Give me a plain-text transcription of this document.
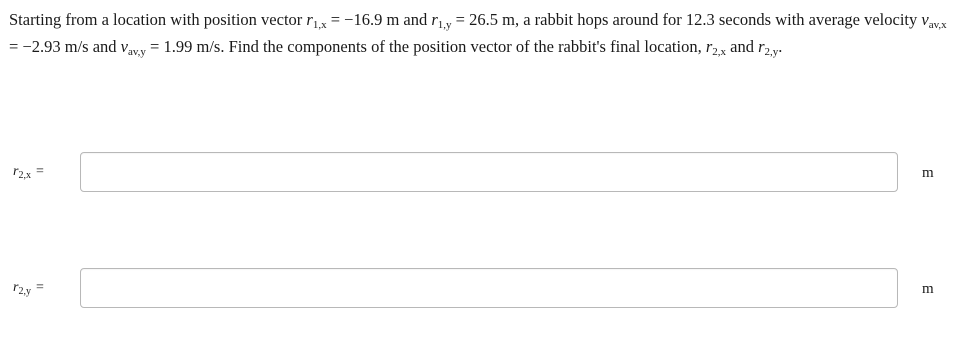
Starting from a location with position vector $r_{1,x} = -16.9$ m and $r_{1,y} = 26.5$ m, a rabbit hops around for 12.3 seconds with average velocity $v_{av,x} = -2.93$ m/s and $v_{av,y} = 1.99$ m/s. Find the components of the position vector of the rabbit's final location, $r_{2,x}$ and $r_{2,y}$.

$r_{2,x}$ =	m
$r_{2,y}$ =	m
